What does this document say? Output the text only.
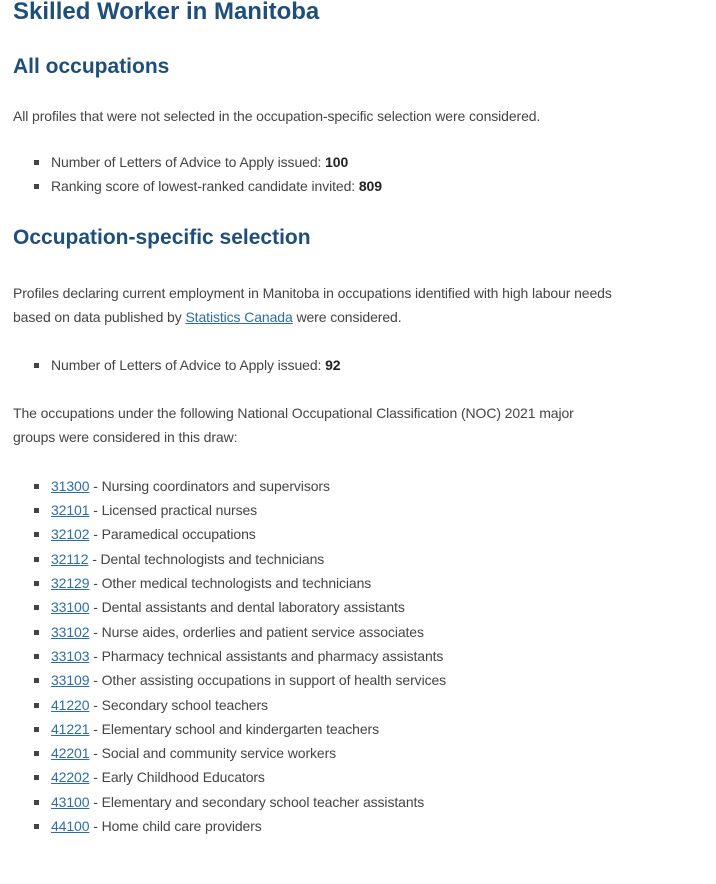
Skilled Worker in Manitoba
All occupations

All profiles that were not selected in the occupation-specific selection were considered.

Number of Letters of Advice to Apply issued: 100
Ranking score of lowest-ranked candidate invited: 809
Occupation-specific selection

Profiles declaring current employment in Manitoba in occupations identified with high labour needs based on data published by Statistics Canada were considered.

Number of Letters of Advice to Apply issued: 92

The occupations under the following National Occupational Classification (NOC) 2021 major groups were considered in this draw:

31300 - Nursing coordinators and supervisors
32101 - Licensed practical nurses
32102 - Paramedical occupations
32112 - Dental technologists and technicians
32129 - Other medical technologists and technicians
33100 - Dental assistants and dental laboratory assistants
33102 - Nurse aides, orderlies and patient service associates
33103 - Pharmacy technical assistants and pharmacy assistants
33109 - Other assisting occupations in support of health services
41220 - Secondary school teachers
41221 - Elementary school and kindergarten teachers
42201 - Social and community service workers
42202 - Early Childhood Educators
43100 - Elementary and secondary school teacher assistants
44100 - Home child care providers
